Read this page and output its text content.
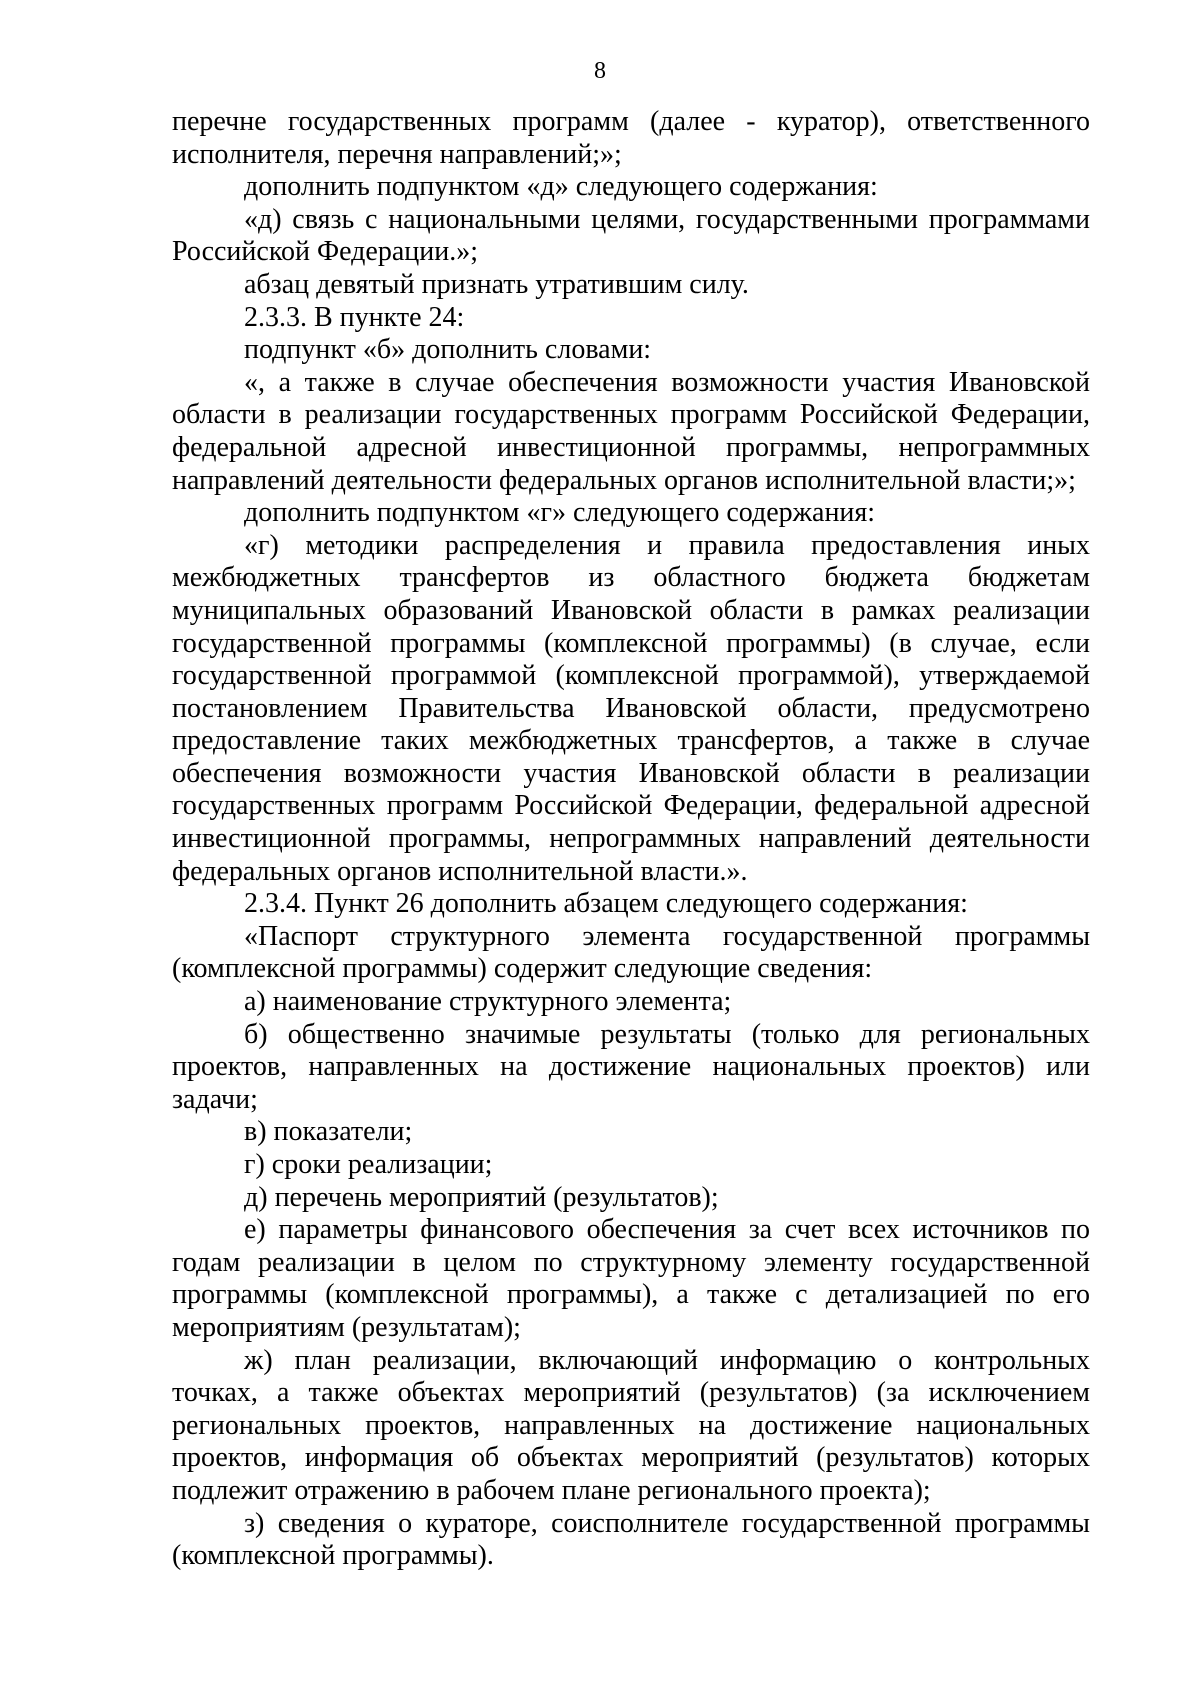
8

перечне государственных программ (далее - куратор), ответственного исполнителя, перечня направлений;»;

дополнить подпунктом «д» следующего содержания:

«д) связь с национальными целями, государственными программами Российской Федерации.»;

абзац девятый признать утратившим силу.

2.3.3. В пункте 24:

подпункт «б» дополнить словами:

«, а также в случае обеспечения возможности участия Ивановской области в реализации государственных программ Российской Федерации, федеральной адресной инвестиционной программы, непрограммных направлений деятельности федеральных органов исполнительной власти;»;

дополнить подпунктом «г» следующего содержания:

«г) методики распределения и правила предоставления иных межбюджетных трансфертов из областного бюджета бюджетам муниципальных образований Ивановской области в рамках реализации государственной программы (комплексной программы) (в случае, если государственной программой (комплексной программой), утверждаемой постановлением Правительства Ивановской области, предусмотрено предоставление таких межбюджетных трансфертов, а также в случае обеспечения возможности участия Ивановской области в реализации государственных программ Российской Федерации, федеральной адресной инвестиционной программы, непрограммных направлений деятельности федеральных органов исполнительной власти.».

2.3.4. Пункт 26 дополнить абзацем следующего содержания:

«Паспорт структурного элемента государственной программы (комплексной программы) содержит следующие сведения:

а) наименование структурного элемента;

б) общественно значимые результаты (только для региональных проектов, направленных на достижение национальных проектов) или задачи;

в) показатели;

г) сроки реализации;

д) перечень мероприятий (результатов);

е) параметры финансового обеспечения за счет всех источников по годам реализации в целом по структурному элементу государственной программы (комплексной программы), а также с детализацией по его мероприятиям (результатам);

ж) план реализации, включающий информацию о контрольных точках, а также объектах мероприятий (результатов) (за исключением региональных проектов, направленных на достижение национальных проектов, информация об объектах мероприятий (результатов) которых подлежит отражению в рабочем плане регионального проекта);

з) сведения о кураторе, соисполнителе государственной программы (комплексной программы).
